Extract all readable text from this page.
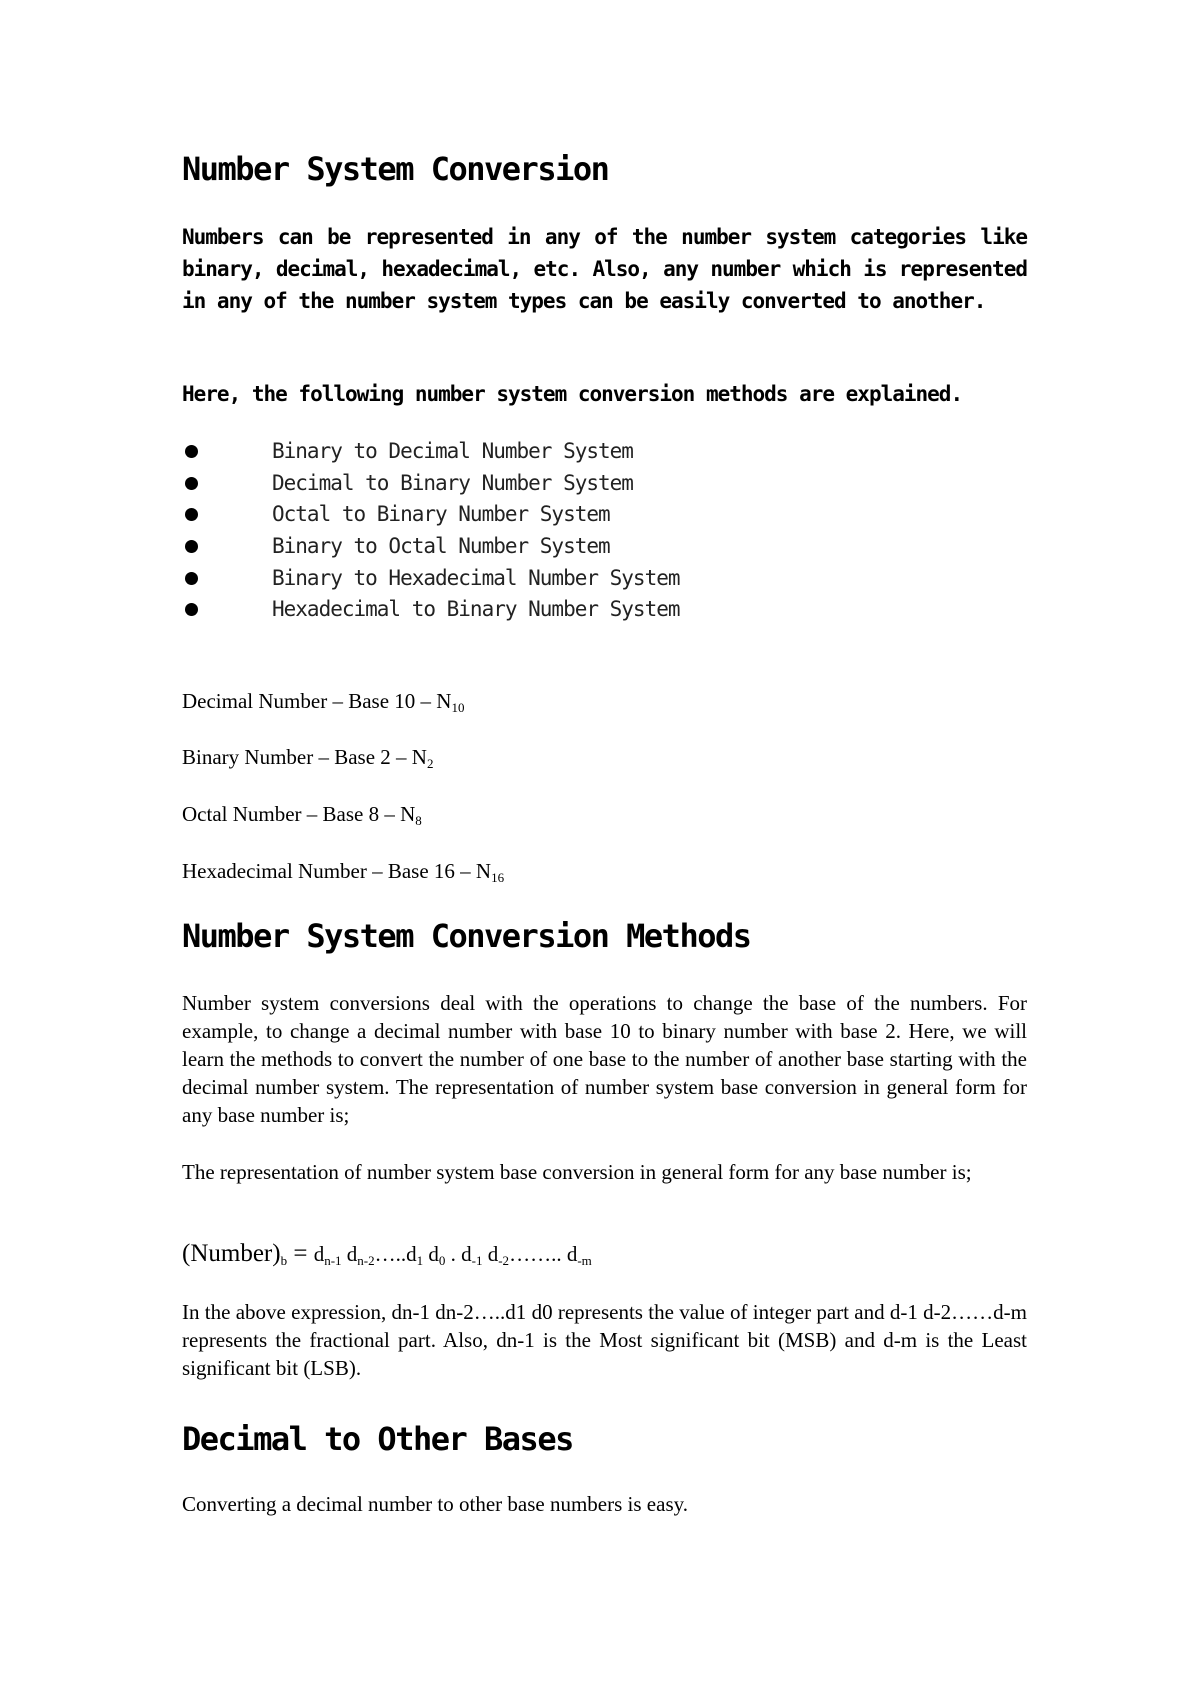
Number System Conversion

Numbers can be represented in any of the number system categories like binary, decimal, hexadecimal, etc. Also, any number which is represented in any of the number system types can be easily converted to another.

Here, the following number system conversion methods are explained.

Binary to Decimal Number System
Decimal to Binary Number System
Octal to Binary Number System
Binary to Octal Number System
Binary to Hexadecimal Number System
Hexadecimal to Binary Number System

Decimal Number – Base $10 - N_{10}$

Binary Number – Base $2 - N_2$

Octal Number – Base $8 - N_8$

Hexadecimal Number – Base $16 - N_{16}$

Number System Conversion Methods

Number system conversions deal with the operations to change the base of the numbers. For example, to change a decimal number with base 10 to binary number with base 2. Here, we will learn the methods to convert the number of one base to the number of another base starting with the decimal number system. The representation of number system base conversion in general form for any base number is;

The representation of number system base conversion in general form for any base number is;

$(Number)_b = d_{n-1}$ $d_{n-2}\dots..d_1$ $d_0$ . $d_{-1}$ $d_{-2}\dots\dots$.. $d_{-m}$

In the above expression, dn-1 dn-2…..d1 d0 represents the value of integer part and d-1 d-2……d-m represents the fractional part. Also, dn-1 is the Most significant bit (MSB) and d-m is the Least significant bit (LSB).

Decimal to Other Bases

Converting a decimal number to other base numbers is easy.
